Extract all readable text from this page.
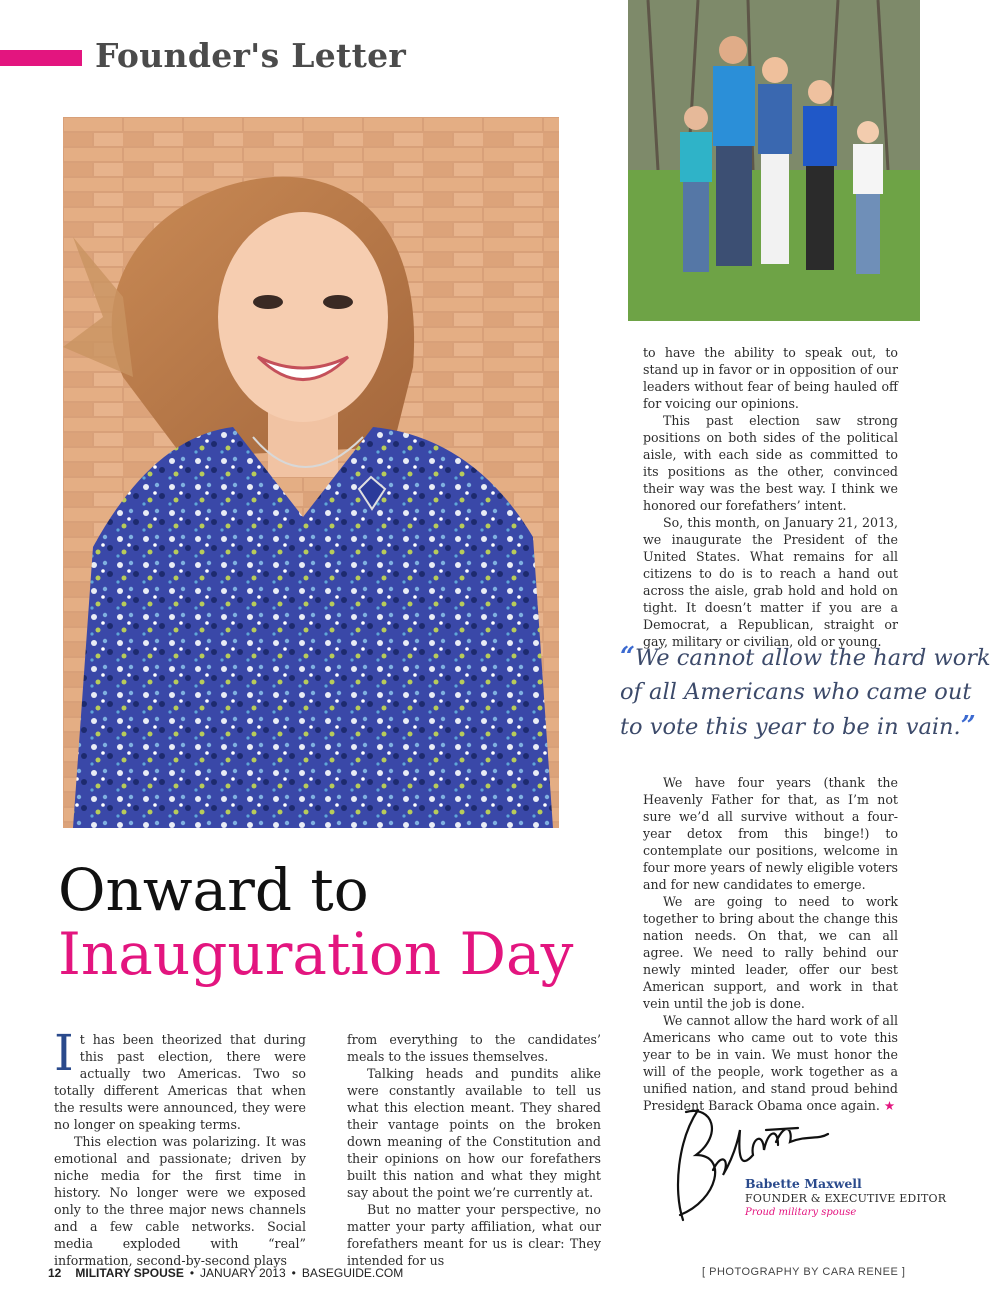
Founder's Letter

to have the ability to speak out, to stand up in favor or in opposition of our leaders without fear of being hauled off for voicing our opinions.

This past election saw strong positions on both sides of the political aisle, with each side as committed to its positions as the other, convinced their way was the best way. I think we honored our forefathers’ intent.

So, this month, on January 21, 2013, we inaugurate the President of the United States. What remains for all citizens to do is to reach a hand out across the aisle, grab hold and hold on tight. It doesn’t matter if you are a Democrat, a Republican, straight or gay, military or civilian, old or young.

“We cannot allow the hard work
of all Americans who came out
to vote this year to be in vain.”

We have four years (thank the Heavenly Father for that, as I’m not sure we’d all survive without a four-year detox from this binge!) to contemplate our positions, welcome in four more years of newly eligible voters and for new candidates to emerge.

We are going to need to work together to bring about the change this nation needs. On that, we can all agree. We need to rally behind our newly minted leader, offer our best American support, and work in that vein until the job is done.

We cannot allow the hard work of all Americans who came out to vote this year to be in vain. We must honor the will of the people, work together as a unified nation, and stand proud behind President Barack Obama once again. ★

Onward to
Inauguration Day

It has been theorized that during this past election, there were actually two Americas. Two so totally different Americas that when the results were announced, they were no longer on speaking terms.

This election was polarizing. It was emotional and passionate; driven by niche media for the first time in history. No longer were we exposed only to the three major news channels and a few cable networks. Social media exploded with “real” information, second-by-second plays

from everything to the candidates’ meals to the issues themselves.

Talking heads and pundits alike were constantly available to tell us what this election meant. They shared their vantage points on the broken down meaning of the Constitution and their opinions on how our forefathers built this nation and what they might say about the point we’re currently at.

But no matter your perspective, no matter your party affiliation, what our forefathers meant for us is clear: They intended for us

Babette Maxwell
FOUNDER & EXECUTIVE EDITOR
Proud military spouse
12 MILITARY SPOUSE • JANUARY 2013 • BASEGUIDE.COM	[ PHOTOGRAPHY BY CARA RENEE ]
